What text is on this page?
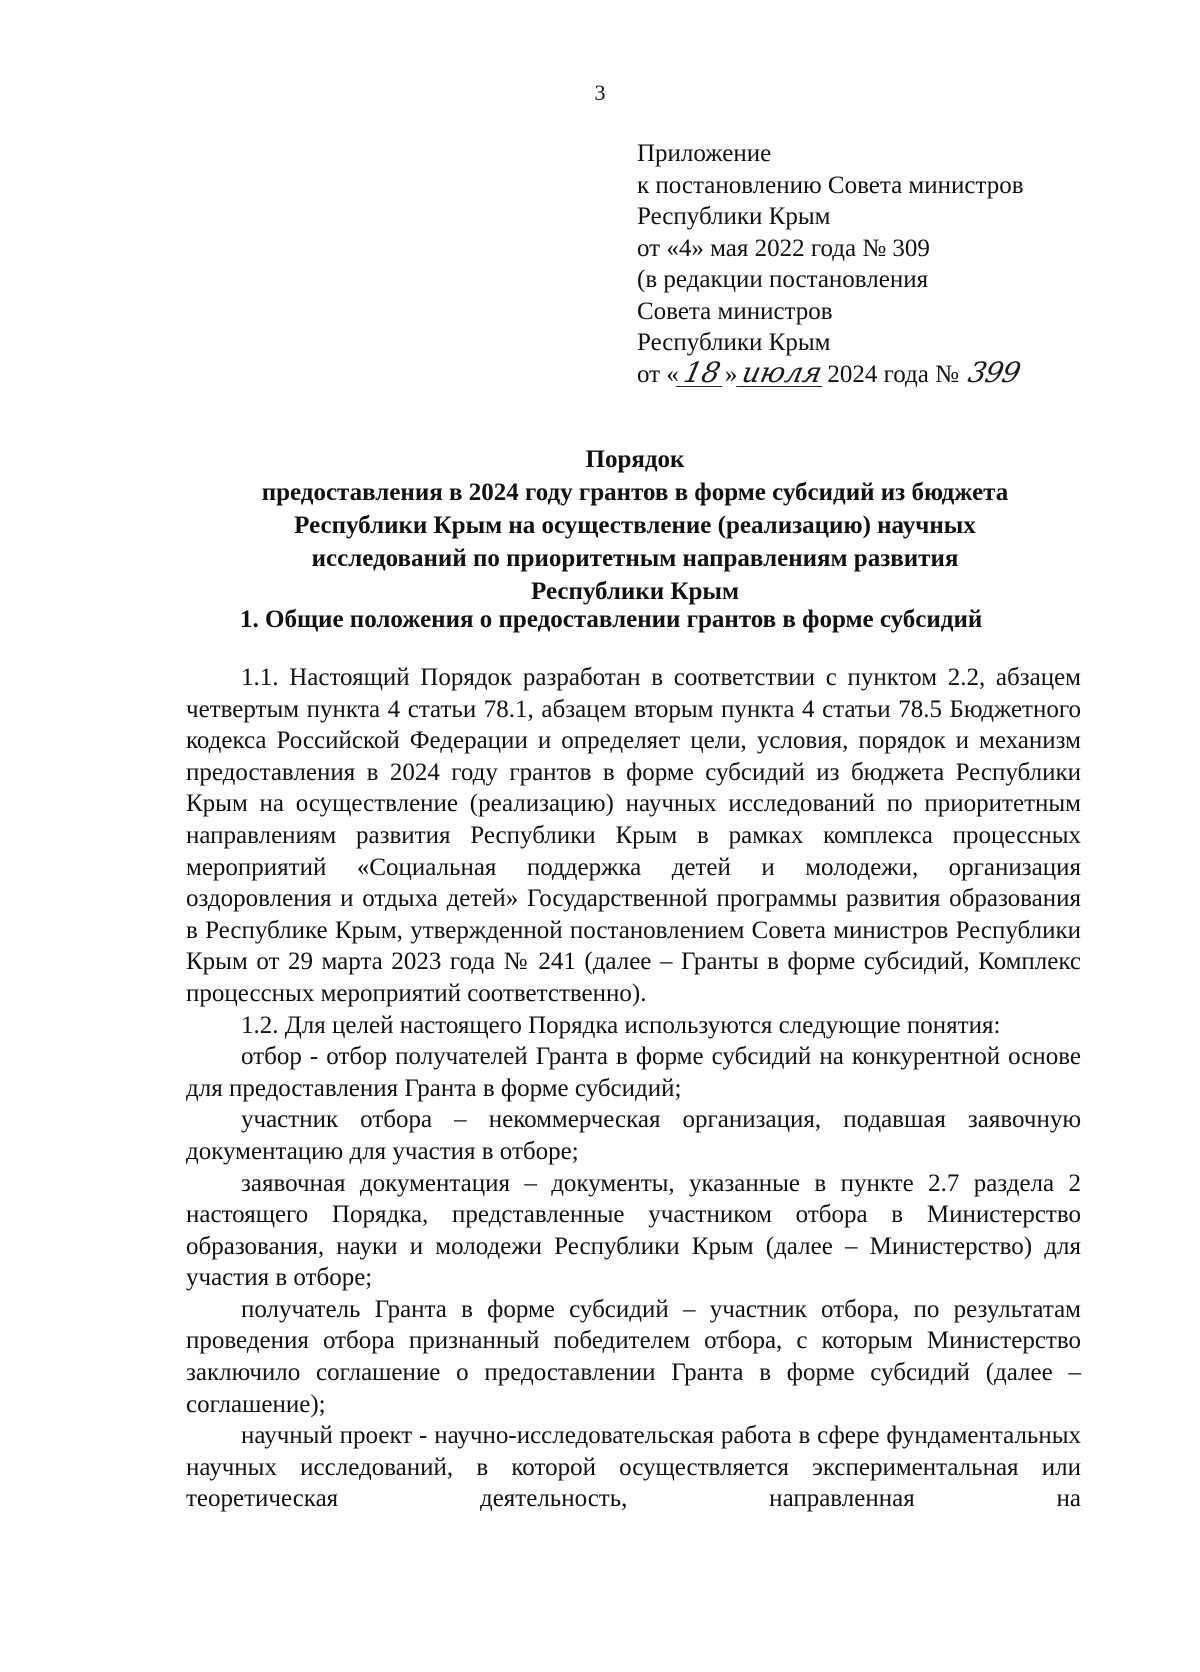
3
Приложение
к постановлению Совета министров
Республики Крым
от «4» мая 2022 года № 309
(в редакции постановления
Совета министров
Республики Крым
от «18»июля2024 года № 399
Порядок
предоставления в 2024 году грантов в форме субсидий из бюджета
Республики Крым на осуществление (реализацию) научных
исследований по приоритетным направлениям развития
Республики Крым
1. Общие положения о предоставлении грантов в форме субсидий

1.1. Настоящий Порядок разработан в соответствии с пунктом 2.2, абзацем четвертым пункта 4 статьи 78.1, абзацем вторым пункта 4 статьи 78.5 Бюджетного кодекса Российской Федерации и определяет цели, условия, порядок и механизм предоставления в 2024 году грантов в форме субсидий из бюджета Республики Крым на осуществление (реализацию) научных исследований по приоритетным направлениям развития Республики Крым в рамках комплекса процессных мероприятий «Социальная поддержка детей и молодежи, организация оздоровления и отдыха детей» Государственной программы развития образования в Республике Крым, утвержденной постановлением Совета министров Республики Крым от 29 марта 2023 года № 241 (далее – Гранты в форме субсидий, Комплекс процессных мероприятий соответственно).

1.2. Для целей настоящего Порядка используются следующие понятия:

отбор - отбор получателей Гранта в форме субсидий на конкурентной основе для предоставления Гранта в форме субсидий;

участник отбора – некоммерческая организация, подавшая заявочную документацию для участия в отборе;

заявочная документация – документы, указанные в пункте 2.7 раздела 2 настоящего Порядка, представленные участником отбора в Министерство образования, науки и молодежи Республики Крым (далее – Министерство) для участия в отборе;

получатель Гранта в форме субсидий – участник отбора, по результатам проведения отбора признанный победителем отбора, с которым Министерство заключило соглашение о предоставлении Гранта в форме субсидий (далее – соглашение);

научный проект - научно-исследовательская работа в сфере фундаментальных научных исследований, в которой осуществляется экспериментальная или теоретическая деятельность, направленная на
